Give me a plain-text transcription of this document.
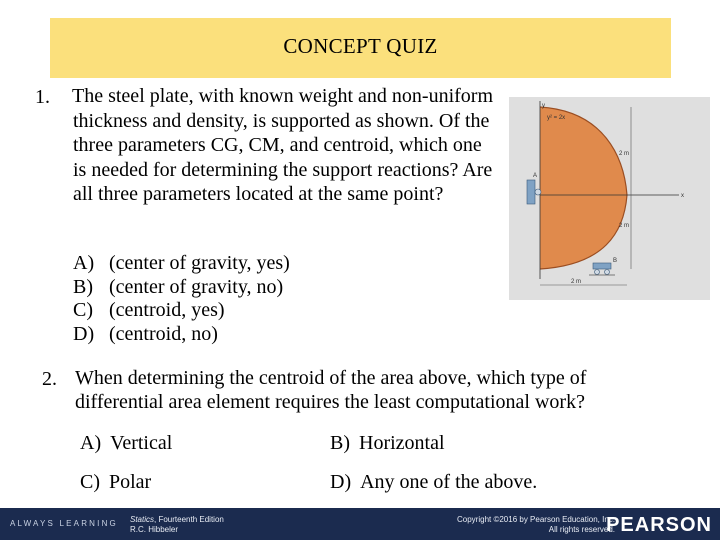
CONCEPT QUIZ
1. The steel plate, with known weight and non-uniform thickness and density, is supported as shown. Of the three parameters CG, CM, and centroid, which one is needed for determining the support reactions? Are all three parameters located at the same point?
A) (center of gravity, yes)
B) (center of gravity, no)
C) (centroid, yes)
D) (centroid, no)
y
x
y² = 2x
2 m
2 m
2 m
A
B
2. When determining the centroid of the area above, which type of differential area element requires the least computational work?
A) Vertical	B) Horizontal
C) Polar	D) Any one of the above.
ALWAYS LEARNING Statics, Fourteenth Edition
R.C. Hibbeler
Copyright ©2016 by Pearson Education, Inc.
All rights reserved.
PEARSON
